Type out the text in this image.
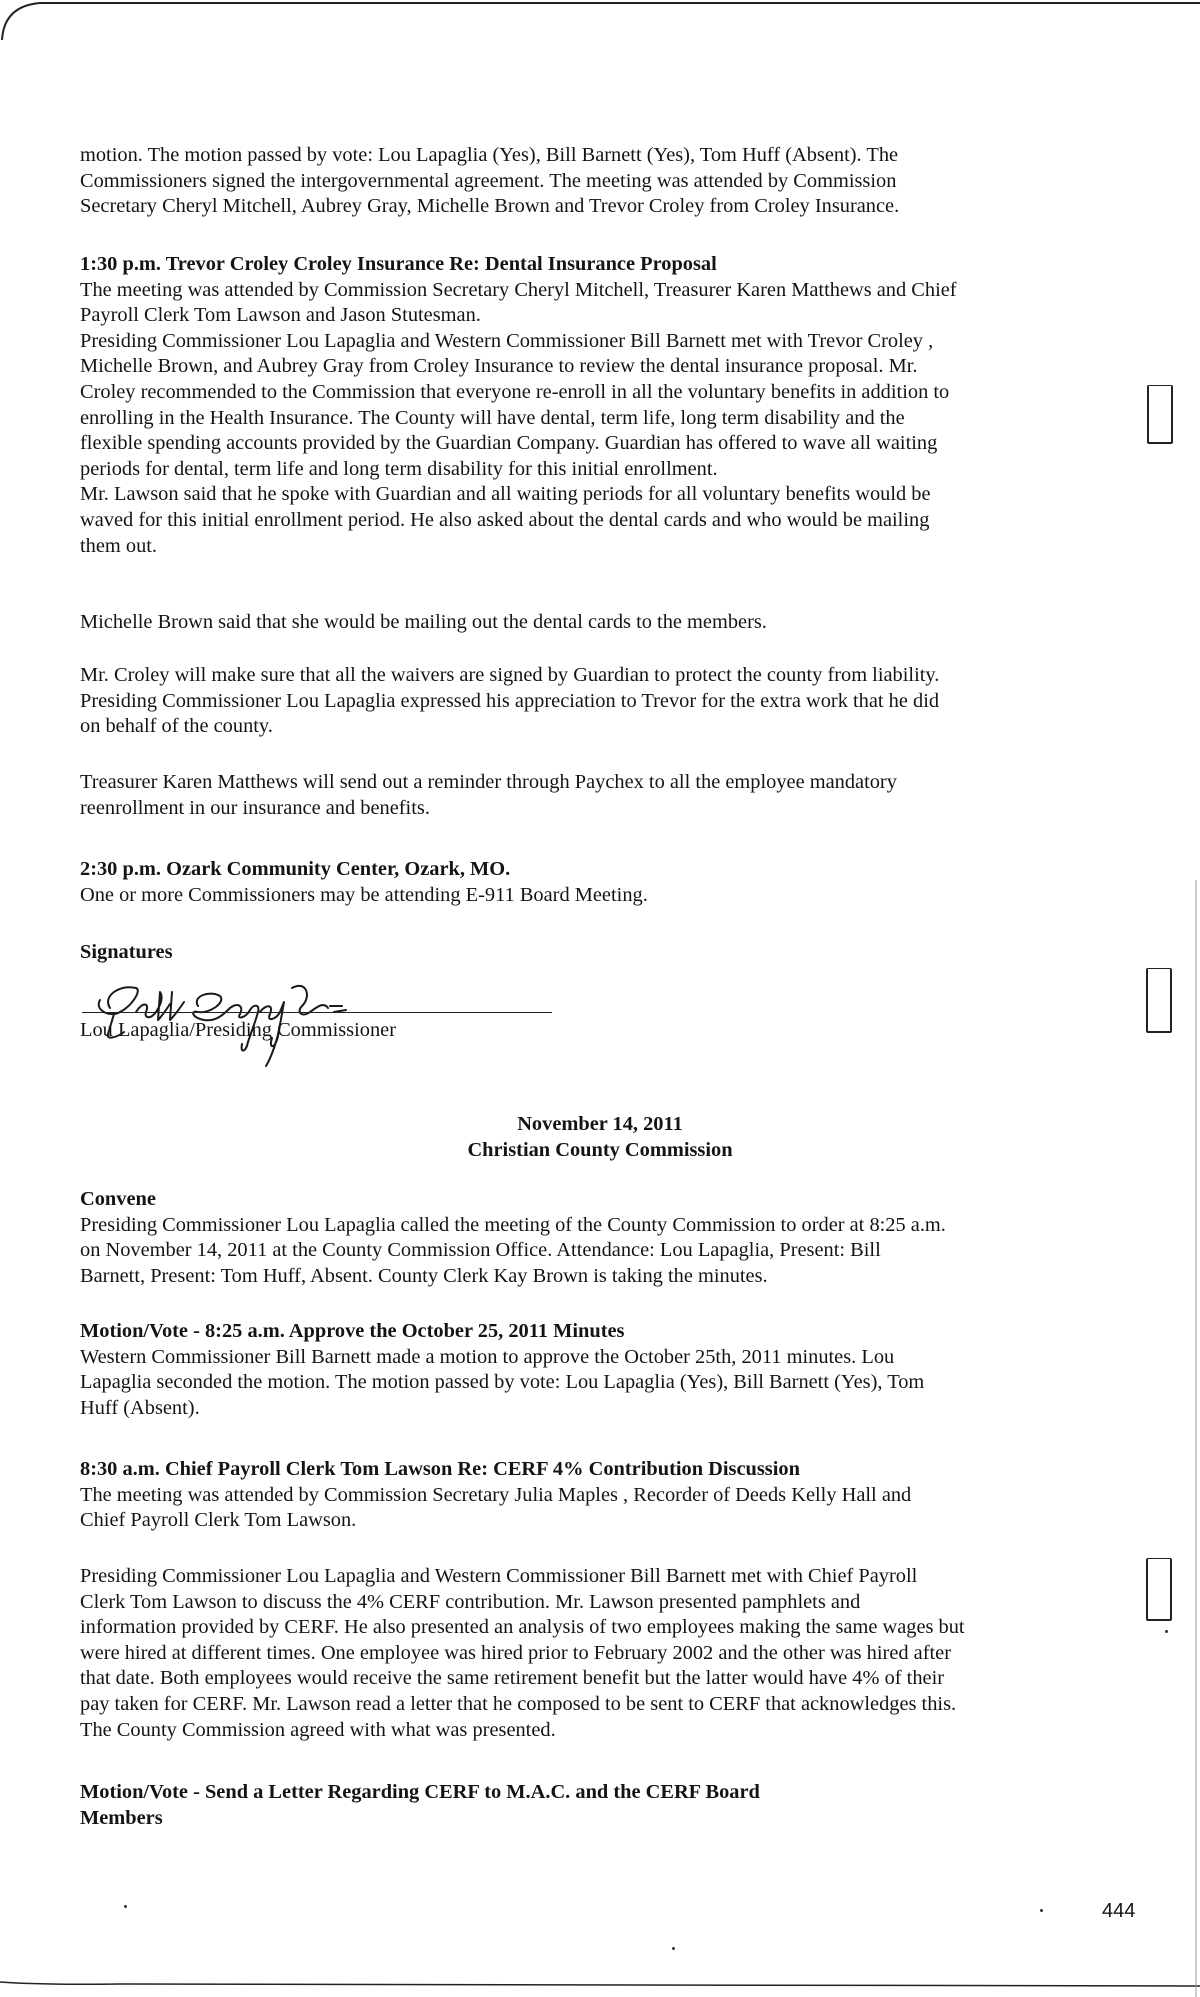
motion. The motion passed by vote: Lou Lapaglia (Yes), Bill Barnett (Yes), Tom Huff (Absent). The

Commissioners signed the intergovernmental agreement. The meeting was attended by Commission

Secretary Cheryl Mitchell, Aubrey Gray, Michelle Brown and Trevor Croley from Croley Insurance.

1:30 p.m. Trevor Croley Croley Insurance Re: Dental Insurance Proposal

The meeting was attended by Commission Secretary Cheryl Mitchell, Treasurer Karen Matthews and Chief

Payroll Clerk Tom Lawson and Jason Stutesman.

Presiding Commissioner Lou Lapaglia and Western Commissioner Bill Barnett met with Trevor Croley ,

Michelle Brown, and Aubrey Gray from Croley Insurance to review the dental insurance proposal. Mr.

Croley recommended to the Commission that everyone re-enroll in all the voluntary benefits in addition to

enrolling in the Health Insurance. The County will have dental, term life, long term disability and the

flexible spending accounts provided by the Guardian Company. Guardian has offered to wave all waiting

periods for dental, term life and long term disability for this initial enrollment.

Mr. Lawson said that he spoke with Guardian and all waiting periods for all voluntary benefits would be

waved for this initial enrollment period. He also asked about the dental cards and who would be mailing

them out.

Michelle Brown said that she would be mailing out the dental cards to the members.

Mr. Croley will make sure that all the waivers are signed by Guardian to protect the county from liability.

Presiding Commissioner Lou Lapaglia expressed his appreciation to Trevor for the extra work that he did

on behalf of the county.

Treasurer Karen Matthews will send out a reminder through Paychex to all the employee mandatory

reenrollment in our insurance and benefits.

2:30 p.m. Ozark Community Center, Ozark, MO.

One or more Commissioners may be attending E-911 Board Meeting.

Signatures

Lou Lapaglia/Presiding Commissioner

November 14, 2011

Christian County Commission

Convene

Presiding Commissioner Lou Lapaglia called the meeting of the County Commission to order at 8:25 a.m.

on November 14, 2011 at the County Commission Office. Attendance: Lou Lapaglia, Present: Bill

Barnett, Present: Tom Huff, Absent. County Clerk Kay Brown is taking the minutes.

Motion/Vote - 8:25 a.m. Approve the October 25, 2011 Minutes

Western Commissioner Bill Barnett made a motion to approve the October 25th, 2011 minutes. Lou

Lapaglia seconded the motion. The motion passed by vote: Lou Lapaglia (Yes), Bill Barnett (Yes), Tom

Huff (Absent).

8:30 a.m. Chief Payroll Clerk Tom Lawson Re: CERF 4% Contribution Discussion

The meeting was attended by Commission Secretary Julia Maples , Recorder of Deeds Kelly Hall and

Chief Payroll Clerk Tom Lawson.

Presiding Commissioner Lou Lapaglia and Western Commissioner Bill Barnett met with Chief Payroll

Clerk Tom Lawson to discuss the 4% CERF contribution. Mr. Lawson presented pamphlets and

information provided by CERF. He also presented an analysis of two employees making the same wages but

were hired at different times. One employee was hired prior to February 2002 and the other was hired after

that date. Both employees would receive the same retirement benefit but the latter would have 4% of their

pay taken for CERF. Mr. Lawson read a letter that he composed to be sent to CERF that acknowledges this.

The County Commission agreed with what was presented.

Motion/Vote - Send a Letter Regarding CERF to M.A.C. and the CERF Board

Members

444
